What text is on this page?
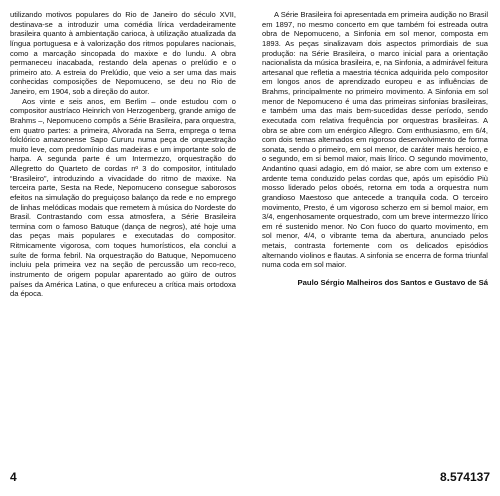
utilizando motivos populares do Rio de Janeiro do século XVII, destinava-se a introduzir uma comédia lírica verdadeiramente brasileira quanto à ambientação carioca, à utilização atualizada da língua portuguesa e à valorização dos ritmos populares nacionais, como a marcação sincopada do maxixe e do lundu. A obra permaneceu inacabada, restando dela apenas o prelúdio e o primeiro ato. A estreia do Prelúdio, que veio a ser uma das mais conhecidas composições de Nepomuceno, se deu no Rio de Janeiro, em 1904, sob a direção do autor.

Aos vinte e seis anos, em Berlim – onde estudou com o compositor austríaco Heinrich von Herzogenberg, grande amigo de Brahms –, Nepomuceno compôs a Série Brasileira, para orquestra, em quatro partes: a primeira, Alvorada na Serra, emprega o tema folclórico amazonense Sapo Cururu numa peça de orquestração muito leve, com predomínio das madeiras e um importante solo de harpa. A segunda parte é um Intermezzo, orquestração do Allegretto do Quarteto de cordas nº 3 do compositor, intitulado “Brasileiro”, introduzindo a vivacidade do ritmo de maxixe. Na terceira parte, Sesta na Rede, Nepomuceno consegue saborosos efeitos na simulação do preguiçoso balanço da rede e no emprego de linhas melódicas modais que remetem à música do Nordeste do Brasil. Contrastando com essa atmosfera, a Série Brasileira termina com o famoso Batuque (dança de negros), até hoje uma das peças mais populares e executadas do compositor. Ritmicamente vigorosa, com toques humorísticos, ela conclui a suíte de forma febril. Na orquestração do Batuque, Nepomuceno incluiu pela primeira vez na seção de percussão um reco-reco, instrumento de origem popular aparentado ao güiro de outros países da América Latina, o que enfureceu a crítica mais ortodoxa da época.

A Série Brasileira foi apresentada em primeira audição no Brasil em 1897, no mesmo concerto em que também foi estreada outra obra de Nepomuceno, a Sinfonia em sol menor, composta em 1893. As peças sinalizavam dois aspectos primordiais de sua produção: na Série Brasileira, o marco inicial para a orientação nacionalista da música brasileira, e, na Sinfonia, a admirável feitura artesanal que refletia a maestria técnica adquirida pelo compositor em longos anos de aprendizado europeu e as influências de Brahms, principalmente no primeiro movimento. A Sinfonia em sol menor de Nepomuceno é uma das primeiras sinfonias brasileiras, e também uma das mais bem-sucedidas desse período, sendo executada com relativa frequência por orquestras brasileiras. A obra se abre com um enérgico Allegro. Com enthusiasmo, em 6/4, com dois temas alternados em rigoroso desenvolvimento de forma sonata, sendo o primeiro, em sol menor, de caráter mais heroico, e o segundo, em si bemol maior, mais lírico. O segundo movimento, Andantino quasi adagio, em dó maior, se abre com um extenso e ardente tema conduzido pelas cordas que, após um episódio Più mosso liderado pelos oboés, retorna em toda a orquestra num grandioso Maestoso que antecede a tranquila coda. O terceiro movimento, Presto, é um vigoroso scherzo em si bemol maior, em 3/4, engenhosamente orquestrado, com um breve intermezzo lírico em ré sustenido menor. No Con fuoco do quarto movimento, em sol menor, 4/4, o vibrante tema da abertura, anunciado pelos metais, contrasta fortemente com os delicados episódios alternando violinos e flautas. A sinfonia se encerra de forma triunfal numa coda em sol maior.

Paulo Sérgio Malheiros dos Santos e Gustavo de Sá

4	8.574137
